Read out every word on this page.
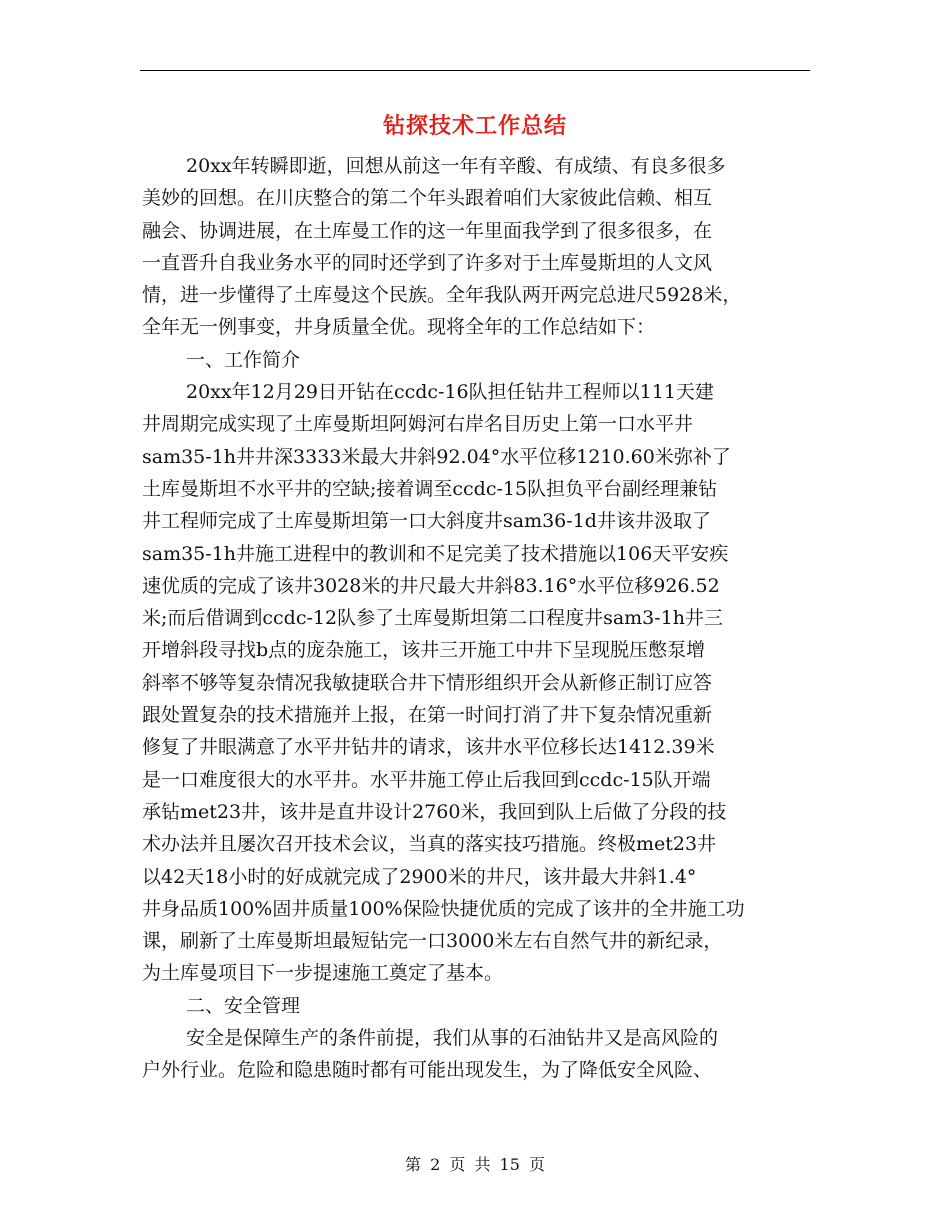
钻探技术工作总结
20xx年转瞬即逝，回想从前这一年有辛酸、有成绩、有良多很多
美妙的回想。在川庆整合的第二个年头跟着咱们大家彼此信赖、相互
融会、协调进展，在土库曼工作的这一年里面我学到了很多很多，在
一直晋升自我业务水平的同时还学到了许多对于土库曼斯坦的人文风
情，进一步懂得了土库曼这个民族。全年我队两开两完总进尺5928米，
全年无一例事变，井身质量全优。现将全年的工作总结如下：
一、工作简介
20xx年12月29日开钻在ccdc-16队担任钻井工程师以111天建
井周期完成实现了土库曼斯坦阿姆河右岸名目历史上第一口水平井
sam35-1h井井深3333米最大井斜92.04°水平位移1210.60米弥补了
土库曼斯坦不水平井的空缺;接着调至ccdc-15队担负平台副经理兼钻
井工程师完成了土库曼斯坦第一口大斜度井sam36-1d井该井汲取了
sam35-1h井施工进程中的教训和不足完美了技术措施以106天平安疾
速优质的完成了该井3028米的井尺最大井斜83.16°水平位移926.52
米;而后借调到ccdc-12队参了土库曼斯坦第二口程度井sam3-1h井三
开增斜段寻找b点的庞杂施工，该井三开施工中井下呈现脱压憋泵增
斜率不够等复杂情况我敏捷联合井下情形组织开会从新修正制订应答
跟处置复杂的技术措施并上报，在第一时间打消了井下复杂情况重新
修复了井眼满意了水平井钻井的请求，该井水平位移长达1412.39米
是一口难度很大的水平井。水平井施工停止后我回到ccdc-15队开端
承钻met23井，该井是直井设计2760米，我回到队上后做了分段的技
术办法并且屡次召开技术会议，当真的落实技巧措施。终极met23井
以42天18小时的好成就完成了2900米的井尺，该井最大井斜1.4°
井身品质100%固井质量100%保险快捷优质的完成了该井的全井施工功
课，刷新了土库曼斯坦最短钻完一口3000米左右自然气井的新纪录，
为土库曼项目下一步提速施工奠定了基本。
二、安全管理
安全是保障生产的条件前提，我们从事的石油钻井又是高风险的
户外行业。危险和隐患随时都有可能出现发生，为了降低安全风险、
第 2 页 共 15 页
